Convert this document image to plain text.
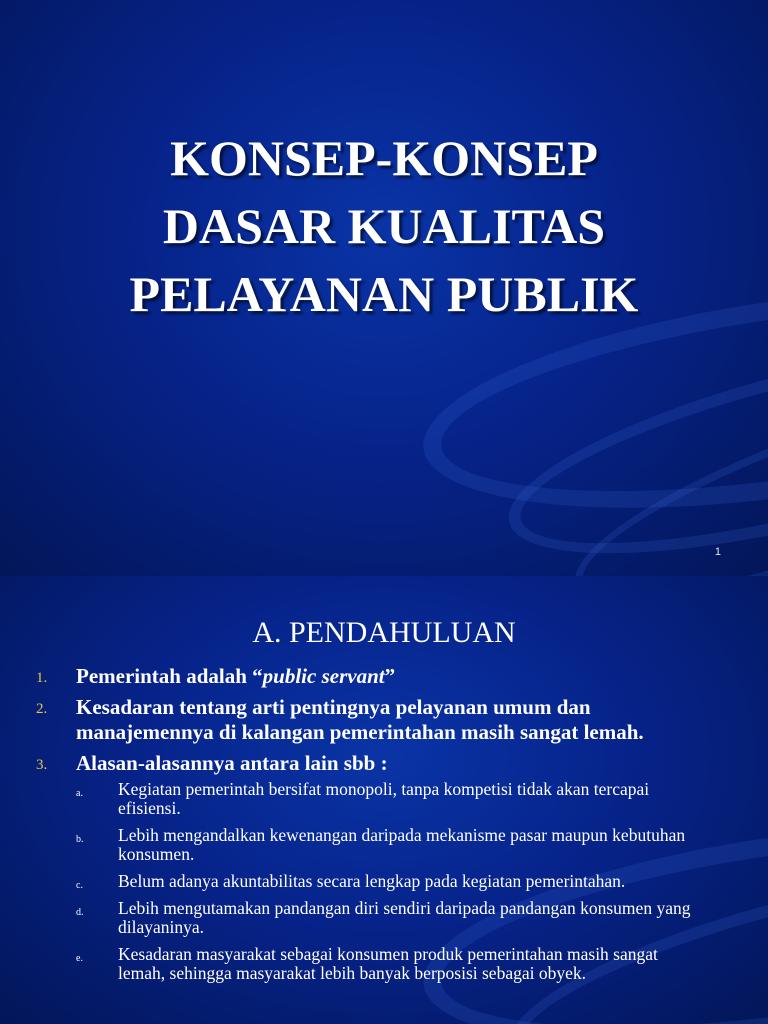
KONSEP-KONSEP
DASAR KUALITAS
PELAYANAN PUBLIK
1
A. PENDAHULUAN
1. Pemerintah adalah “public servant”
2. Kesadaran tentang arti pentingnya pelayanan umum dan manajemennya di kalangan pemerintahan masih sangat lemah.
3. Alasan-alasannya antara lain sbb :
a. Kegiatan pemerintah bersifat monopoli, tanpa kompetisi tidak akan tercapai efisiensi.
b. Lebih mengandalkan kewenangan daripada mekanisme pasar maupun kebutuhan konsumen.
c. Belum adanya akuntabilitas secara lengkap pada kegiatan pemerintahan.
d. Lebih mengutamakan pandangan diri sendiri daripada pandangan konsumen yang dilayaninya.
e. Kesadaran masyarakat sebagai konsumen produk pemerintahan masih sangat lemah, sehingga masyarakat lebih banyak berposisi sebagai obyek.
